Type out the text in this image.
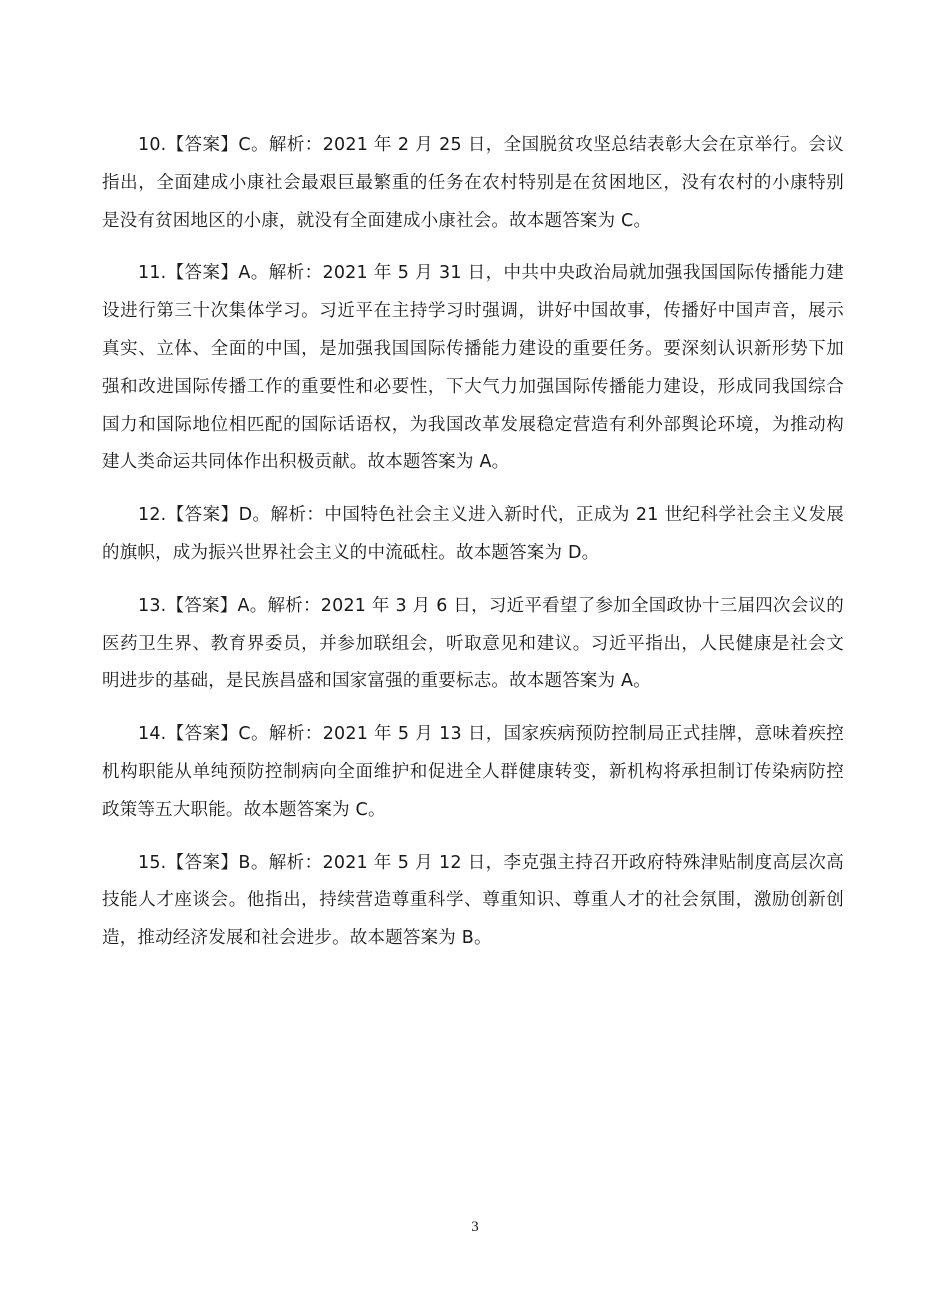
10.【答案】C。解析：2021 年 2 月 25 日，全国脱贫攻坚总结表彰大会在京举行。会议指出，全面建成小康社会最艰巨最繁重的任务在农村特别是在贫困地区，没有农村的小康特别是没有贫困地区的小康，就没有全面建成小康社会。故本题答案为 C。

11.【答案】A。解析：2021 年 5 月 31 日，中共中央政治局就加强我国国际传播能力建设进行第三十次集体学习。习近平在主持学习时强调，讲好中国故事，传播好中国声音，展示真实、立体、全面的中国，是加强我国国际传播能力建设的重要任务。要深刻认识新形势下加强和改进国际传播工作的重要性和必要性，下大气力加强国际传播能力建设，形成同我国综合国力和国际地位相匹配的国际话语权，为我国改革发展稳定营造有利外部舆论环境，为推动构建人类命运共同体作出积极贡献。故本题答案为 A。

12.【答案】D。解析：中国特色社会主义进入新时代，正成为 21 世纪科学社会主义发展的旗帜，成为振兴世界社会主义的中流砥柱。故本题答案为 D。

13.【答案】A。解析：2021 年 3 月 6 日，习近平看望了参加全国政协十三届四次会议的医药卫生界、教育界委员，并参加联组会，听取意见和建议。习近平指出，人民健康是社会文明进步的基础，是民族昌盛和国家富强的重要标志。故本题答案为 A。

14.【答案】C。解析：2021 年 5 月 13 日，国家疾病预防控制局正式挂牌，意味着疾控机构职能从单纯预防控制病向全面维护和促进全人群健康转变，新机构将承担制订传染病防控政策等五大职能。故本题答案为 C。

15.【答案】B。解析：2021 年 5 月 12 日，李克强主持召开政府特殊津贴制度高层次高技能人才座谈会。他指出，持续营造尊重科学、尊重知识、尊重人才的社会氛围，激励创新创造，推动经济发展和社会进步。故本题答案为 B。

3
